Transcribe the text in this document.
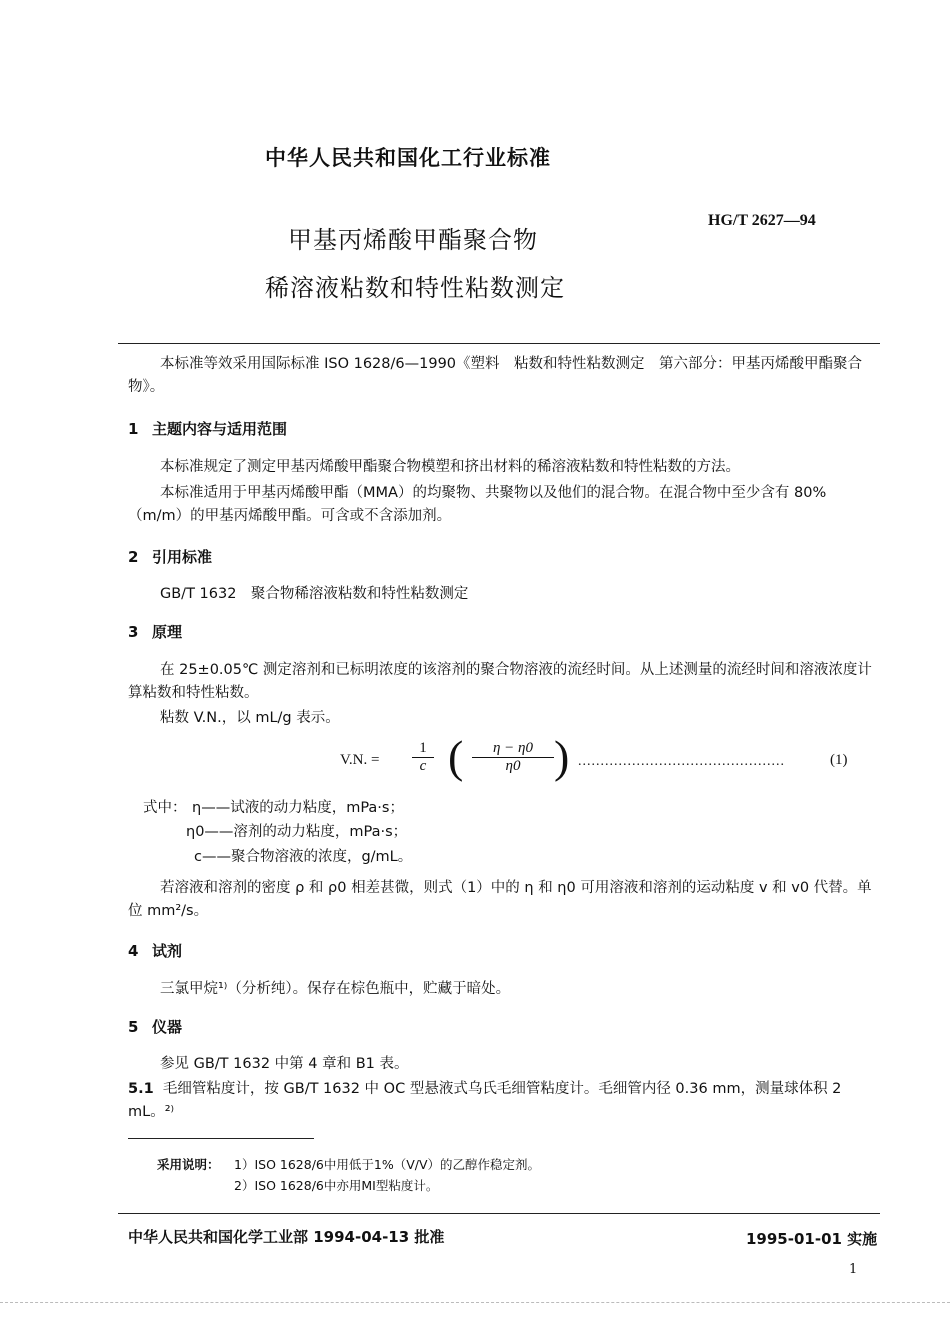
中华人民共和国化工行业标准
HG/T 2627—94
甲基丙烯酸甲酯聚合物
稀溶液粘数和特性粘数测定
本标准等效采用国际标准 ISO 1628/6—1990《塑料　粘数和特性粘数测定　第六部分：甲基丙烯酸甲酯聚合物》。
1 主题内容与适用范围
本标准规定了测定甲基丙烯酸甲酯聚合物模塑和挤出材料的稀溶液粘数和特性粘数的方法。
本标准适用于甲基丙烯酸甲酯（MMA）的均聚物、共聚物以及他们的混合物。在混合物中至少含有 80%（m/m）的甲基丙烯酸甲酯。可含或不含添加剂。
2 引用标准
GB/T 1632　聚合物稀溶液粘数和特性粘数测定
3 原理
在 25±0.05℃ 测定溶剂和已标明浓度的该溶剂的聚合物溶液的流经时间。从上述测量的流经时间和溶液浓度计算粘数和特性粘数。
粘数 V.N.，以 mL/g 表示。
V.N. = $\frac{1}{c}$ ( $\frac{\eta - \eta 0}{\eta 0}$ ) ..............................................	(1)
式中： η——试液的动力粘度，mPa·s；
η0——溶剂的动力粘度，mPa·s；
c——聚合物溶液的浓度，g/mL。
若溶液和溶剂的密度 ρ 和 ρ0 相差甚微，则式（1）中的 η 和 η0 可用溶液和溶剂的运动粘度 v 和 v0 代替。单位 mm²/s。
4 试剂
三氯甲烷¹⁾（分析纯）。保存在棕色瓶中，贮藏于暗处。
5 仪器
参见 GB/T 1632 中第 4 章和 B1 表。
5.1 毛细管粘度计，按 GB/T 1632 中 OC 型悬液式乌氏毛细管粘度计。毛细管内径 0.36 mm，测量球体积 2 mL。²⁾
采用说明： 1）ISO 1628/6中用低于1%（V/V）的乙醇作稳定剂。
2）ISO 1628/6中亦用MI型粘度计。
中华人民共和国化学工业部 1994-04-13 批准	1995-01-01 实施
1
